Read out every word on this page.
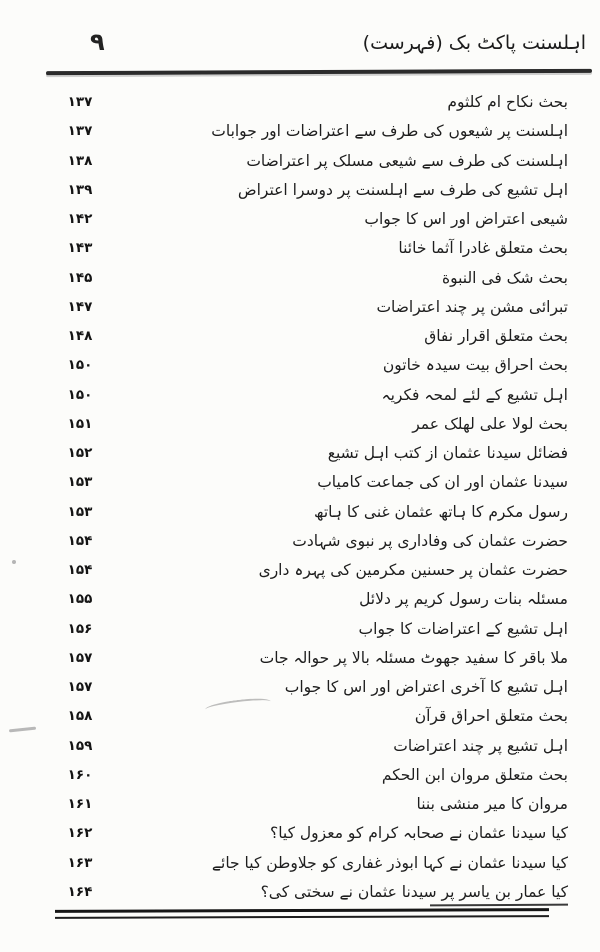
۹	اہلسنت پاکٹ بک (فہرست)
بحث نکاح ام کلثوم
۱۳۷
اہلسنت پر شیعوں کی طرف سے اعتراضات اور جوابات
۱۳۷
اہلسنت کی طرف سے شیعی مسلک پر اعتراضات
۱۳۸
اہل تشیع کی طرف سے اہلسنت پر دوسرا اعتراض
۱۳۹
شیعی اعتراض اور اس کا جواب
۱۴۲
بحث متعلق غادرا آثما خائنا
۱۴۳
بحث شک فی النبوة
۱۴۵
تبرائی مشن پر چند اعتراضات
۱۴۷
بحث متعلق اقرار نفاق
۱۴۸
بحث احراق بیت سیدہ خاتون
۱۵۰
اہل تشیع کے لئے لمحہ فکریہ
۱۵۰
بحث لولا علی لهلک عمر
۱۵۱
فضائل سیدنا عثمان از کتب اہل تشیع
۱۵۲
سیدنا عثمان اور ان کی جماعت کامیاب
۱۵۳
رسول مکرم کا ہاتھ عثمان غنی کا ہاتھ
۱۵۳
حضرت عثمان کی وفاداری پر نبوی شہادت
۱۵۴
حضرت عثمان پر حسنین مکرمین کی پہرہ داری
۱۵۴
مسئلہ بنات رسول کریم پر دلائل
۱۵۵
اہل تشیع کے اعتراضات کا جواب
۱۵۶
ملا باقر کا سفید جھوٹ مسئلہ بالا پر حوالہ جات
۱۵۷
اہل تشیع کا آخری اعتراض اور اس کا جواب
۱۵۷
بحث متعلق احراق قرآن
۱۵۸
اہل تشیع پر چند اعتراضات
۱۵۹
بحث متعلق مروان ابن الحکم
۱۶۰
مروان کا میر منشی بننا
۱۶۱
کیا سیدنا عثمان نے صحابہ کرام کو معزول کیا؟
۱۶۲
کیا سیدنا عثمان نے کہا ابوذر غفاری کو جلاوطن کیا جائے
۱۶۳
کیا عمار بن یاسر پر سیدنا عثمان نے سختی کی؟
۱۶۴
